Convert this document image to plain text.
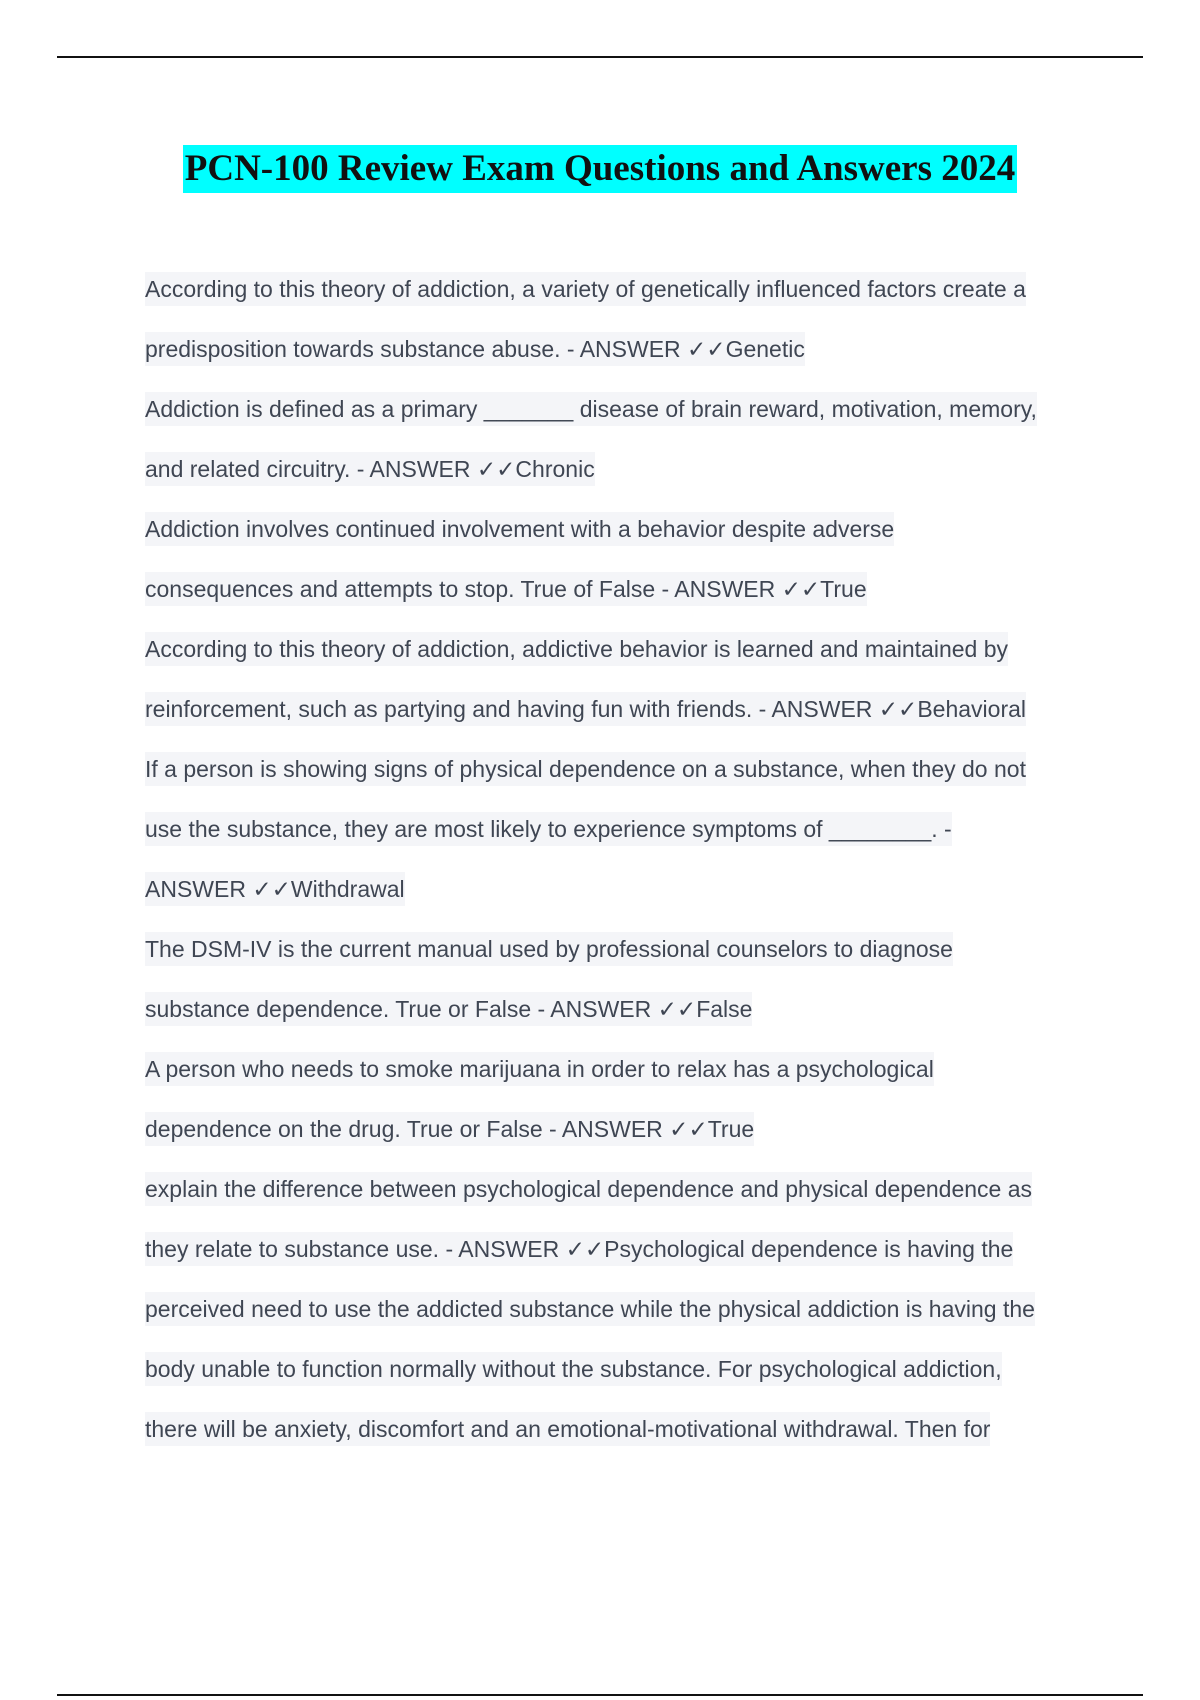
PCN-100 Review Exam Questions and Answers 2024
According to this theory of addiction, a variety of genetically influenced factors create a
predisposition towards substance abuse. - ANSWER ✓✓Genetic
Addiction is defined as a primary _______ disease of brain reward, motivation, memory,
and related circuitry. - ANSWER ✓✓Chronic
Addiction involves continued involvement with a behavior despite adverse
consequences and attempts to stop. True of False - ANSWER ✓✓True
According to this theory of addiction, addictive behavior is learned and maintained by
reinforcement, such as partying and having fun with friends. - ANSWER ✓✓Behavioral
If a person is showing signs of physical dependence on a substance, when they do not
use the substance, they are most likely to experience symptoms of ________. -
ANSWER ✓✓Withdrawal
The DSM-IV is the current manual used by professional counselors to diagnose
substance dependence. True or False - ANSWER ✓✓False
A person who needs to smoke marijuana in order to relax has a psychological
dependence on the drug. True or False - ANSWER ✓✓True
explain the difference between psychological dependence and physical dependence as
they relate to substance use. - ANSWER ✓✓Psychological dependence is having the
perceived need to use the addicted substance while the physical addiction is having the
body unable to function normally without the substance. For psychological addiction,
there will be anxiety, discomfort and an emotional-motivational withdrawal. Then for
